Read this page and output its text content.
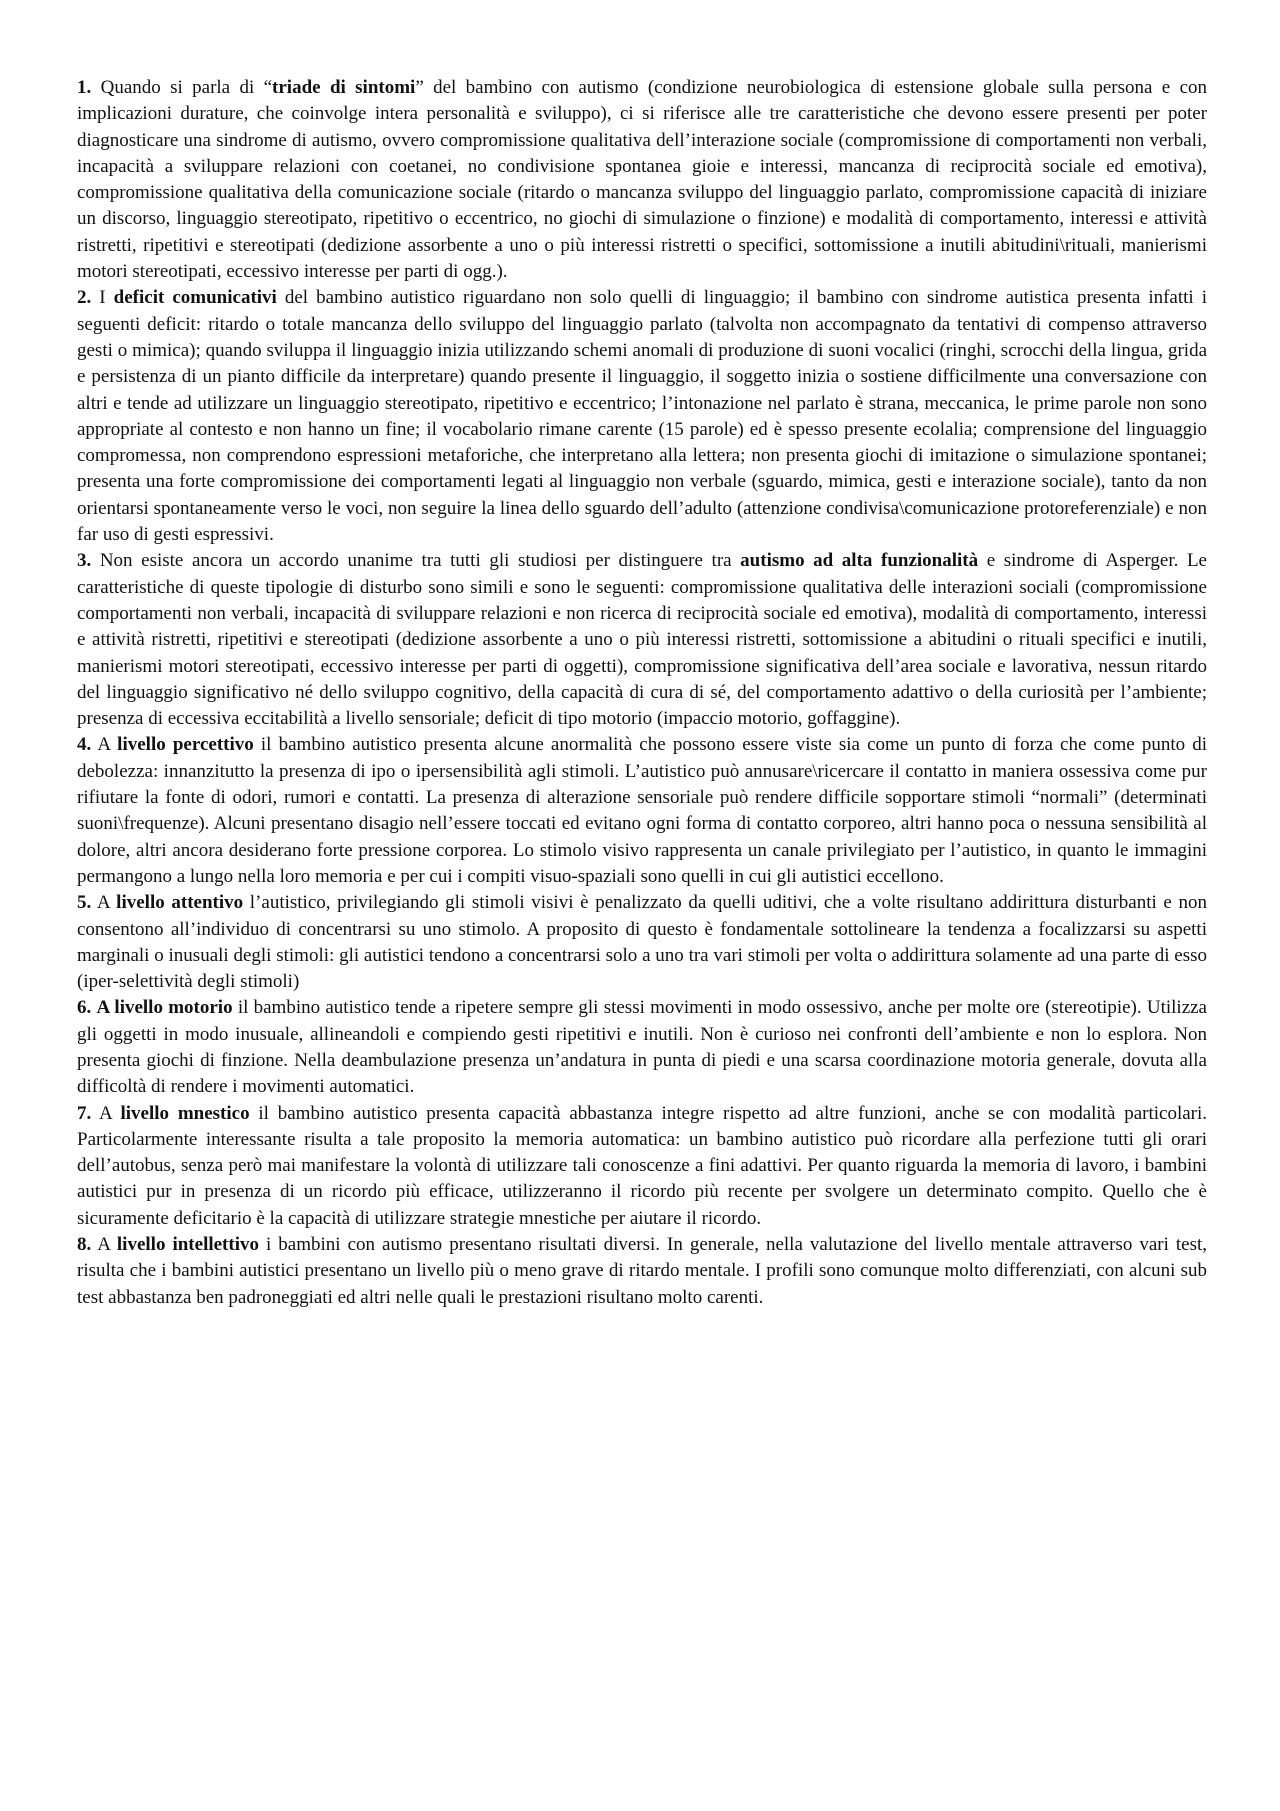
1. Quando si parla di “triade di sintomi” del bambino con autismo (condizione neurobiologica di estensione globale sulla persona e con implicazioni durature, che coinvolge intera personalità e sviluppo), ci si riferisce alle tre caratteristiche che devono essere presenti per poter diagnosticare una sindrome di autismo, ovvero compromissione qualitativa dell’interazione sociale (compromissione di comportamenti non verbali, incapacità a sviluppare relazioni con coetanei, no condivisione spontanea gioie e interessi, mancanza di reciprocità sociale ed emotiva), compromissione qualitativa della comunicazione sociale (ritardo o mancanza sviluppo del linguaggio parlato, compromissione capacità di iniziare un discorso, linguaggio stereotipato, ripetitivo o eccentrico, no giochi di simulazione o finzione) e modalità di comportamento, interessi e attività ristretti, ripetitivi e stereotipati (dedizione assorbente a uno o più interessi ristretti o specifici, sottomissione a inutili abitudini\rituali, manierismi motori stereotipati, eccessivo interesse per parti di ogg.).

2. I deficit comunicativi del bambino autistico riguardano non solo quelli di linguaggio; il bambino con sindrome autistica presenta infatti i seguenti deficit: ritardo o totale mancanza dello sviluppo del linguaggio parlato (talvolta non accompagnato da tentativi di compenso attraverso gesti o mimica); quando sviluppa il linguaggio inizia utilizzando schemi anomali di produzione di suoni vocalici (ringhi, scrocchi della lingua, grida e persistenza di un pianto difficile da interpretare) quando presente il linguaggio, il soggetto inizia o sostiene difficilmente una conversazione con altri e tende ad utilizzare un linguaggio stereotipato, ripetitivo e eccentrico; l’intonazione nel parlato è strana, meccanica, le prime parole non sono appropriate al contesto e non hanno un fine; il vocabolario rimane carente (15 parole) ed è spesso presente ecolalia; comprensione del linguaggio compromessa, non comprendono espressioni metaforiche, che interpretano alla lettera; non presenta giochi di imitazione o simulazione spontanei; presenta una forte compromissione dei comportamenti legati al linguaggio non verbale (sguardo, mimica, gesti e interazione sociale), tanto da non orientarsi spontaneamente verso le voci, non seguire la linea dello sguardo dell’adulto (attenzione condivisa\comunicazione protoreferenziale) e non far uso di gesti espressivi.

3. Non esiste ancora un accordo unanime tra tutti gli studiosi per distinguere tra autismo ad alta funzionalità e sindrome di Asperger. Le caratteristiche di queste tipologie di disturbo sono simili e sono le seguenti: compromissione qualitativa delle interazioni sociali (compromissione comportamenti non verbali, incapacità di sviluppare relazioni e non ricerca di reciprocità sociale ed emotiva), modalità di comportamento, interessi e attività ristretti, ripetitivi e stereotipati (dedizione assorbente a uno o più interessi ristretti, sottomissione a abitudini o rituali specifici e inutili, manierismi motori stereotipati, eccessivo interesse per parti di oggetti), compromissione significativa dell’area sociale e lavorativa, nessun ritardo del linguaggio significativo né dello sviluppo cognitivo, della capacità di cura di sé, del comportamento adattivo o della curiosità per l’ambiente; presenza di eccessiva eccitabilità a livello sensoriale; deficit di tipo motorio (impaccio motorio, goffaggine).

4. A livello percettivo il bambino autistico presenta alcune anormalità che possono essere viste sia come un punto di forza che come punto di debolezza: innanzitutto la presenza di ipo o ipersensibilità agli stimoli. L’autistico può annusare\ricercare il contatto in maniera ossessiva come pur rifiutare la fonte di odori, rumori e contatti. La presenza di alterazione sensoriale può rendere difficile sopportare stimoli “normali” (determinati suoni\frequenze). Alcuni presentano disagio nell’essere toccati ed evitano ogni forma di contatto corporeo, altri hanno poca o nessuna sensibilità al dolore, altri ancora desiderano forte pressione corporea. Lo stimolo visivo rappresenta un canale privilegiato per l’autistico, in quanto le immagini permangono a lungo nella loro memoria e per cui i compiti visuo-spaziali sono quelli in cui gli autistici eccellono.

5. A livello attentivo l’autistico, privilegiando gli stimoli visivi è penalizzato da quelli uditivi, che a volte risultano addirittura disturbanti e non consentono all’individuo di concentrarsi su uno stimolo. A proposito di questo è fondamentale sottolineare la tendenza a focalizzarsi su aspetti marginali o inusuali degli stimoli: gli autistici tendono a concentrarsi solo a uno tra vari stimoli per volta o addirittura solamente ad una parte di esso (iper-selettività degli stimoli)

6. A livello motorio il bambino autistico tende a ripetere sempre gli stessi movimenti in modo ossessivo, anche per molte ore (stereotipie). Utilizza gli oggetti in modo inusuale, allineandoli e compiendo gesti ripetitivi e inutili. Non è curioso nei confronti dell’ambiente e non lo esplora. Non presenta giochi di finzione. Nella deambulazione presenza un’andatura in punta di piedi e una scarsa coordinazione motoria generale, dovuta alla difficoltà di rendere i movimenti automatici.

7. A livello mnestico il bambino autistico presenta capacità abbastanza integre rispetto ad altre funzioni, anche se con modalità particolari. Particolarmente interessante risulta a tale proposito la memoria automatica: un bambino autistico può ricordare alla perfezione tutti gli orari dell’autobus, senza però mai manifestare la volontà di utilizzare tali conoscenze a fini adattivi. Per quanto riguarda la memoria di lavoro, i bambini autistici pur in presenza di un ricordo più efficace, utilizzeranno il ricordo più recente per svolgere un determinato compito. Quello che è sicuramente deficitario è la capacità di utilizzare strategie mnestiche per aiutare il ricordo.

8. A livello intellettivo i bambini con autismo presentano risultati diversi. In generale, nella valutazione del livello mentale attraverso vari test, risulta che i bambini autistici presentano un livello più o meno grave di ritardo mentale. I profili sono comunque molto differenziati, con alcuni sub test abbastanza ben padroneggiati ed altri nelle quali le prestazioni risultano molto carenti.
